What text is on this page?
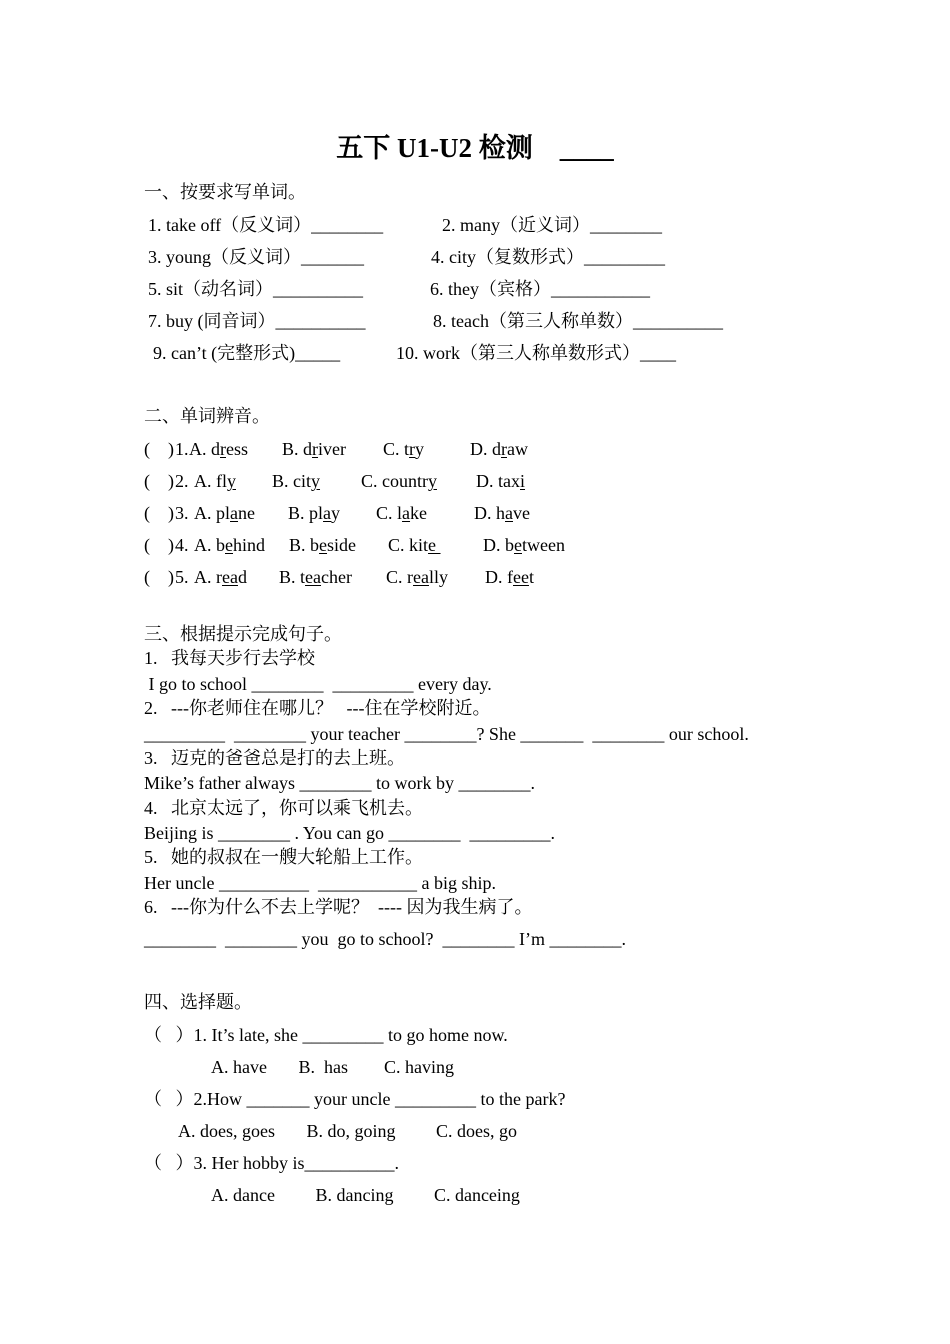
五下 U1-U2 检测    ____
一、按要求写单词。
1. take off（反义词）________	2. many（近义词）________
3. young（反义词）_______	4. city（复数形式）_________
5. sit（动名词）__________	6. they（宾格）___________
7. buy (同音词）__________	8. teach（第三人称单数）__________
9. can’t (完整形式)_____	10. work（第三人称单数形式）____
二、单词辨音。
(    ) 1. A. dress B. driver C. try	D. draw
(    ) 2. A. fly B. city C. country D. taxi
(    ) 3. A. plane B. play C. lake	D. have
(    ) 4. A. behind B. beside C. kite D. between
(    ) 5. A. read B. teacher C. really D. feet
三、根据提示完成句子。
1.   我每天步行去学校
I go to school ________  _________ every day.
2.   ---你老师住在哪儿？   ---住在学校附近。
_________  ________ your teacher ________? She _______  ________ our school.
3.   迈克的爸爸总是打的去上班。
Mike’s father always ________ to work by ________.
4.   北京太远了，你可以乘飞机去。
Beijing is ________ . You can go ________  _________.
5.   她的叔叔在一艘大轮船上工作。
Her uncle __________  ___________ a big ship.
6.   ---你为什么不去上学呢？  ---- 因为我生病了。
________  ________ you  go to school?  ________ I’m ________.
四、选择题。
（   ）1. It’s late, she _________ to go home now.
A. have       B.  has        C. having
（   ）2.How _______ your uncle _________ to the park?
A. does, goes       B. do, going         C. does, go
（   ）3. Her hobby is__________.
A. dance         B. dancing         C. danceing
